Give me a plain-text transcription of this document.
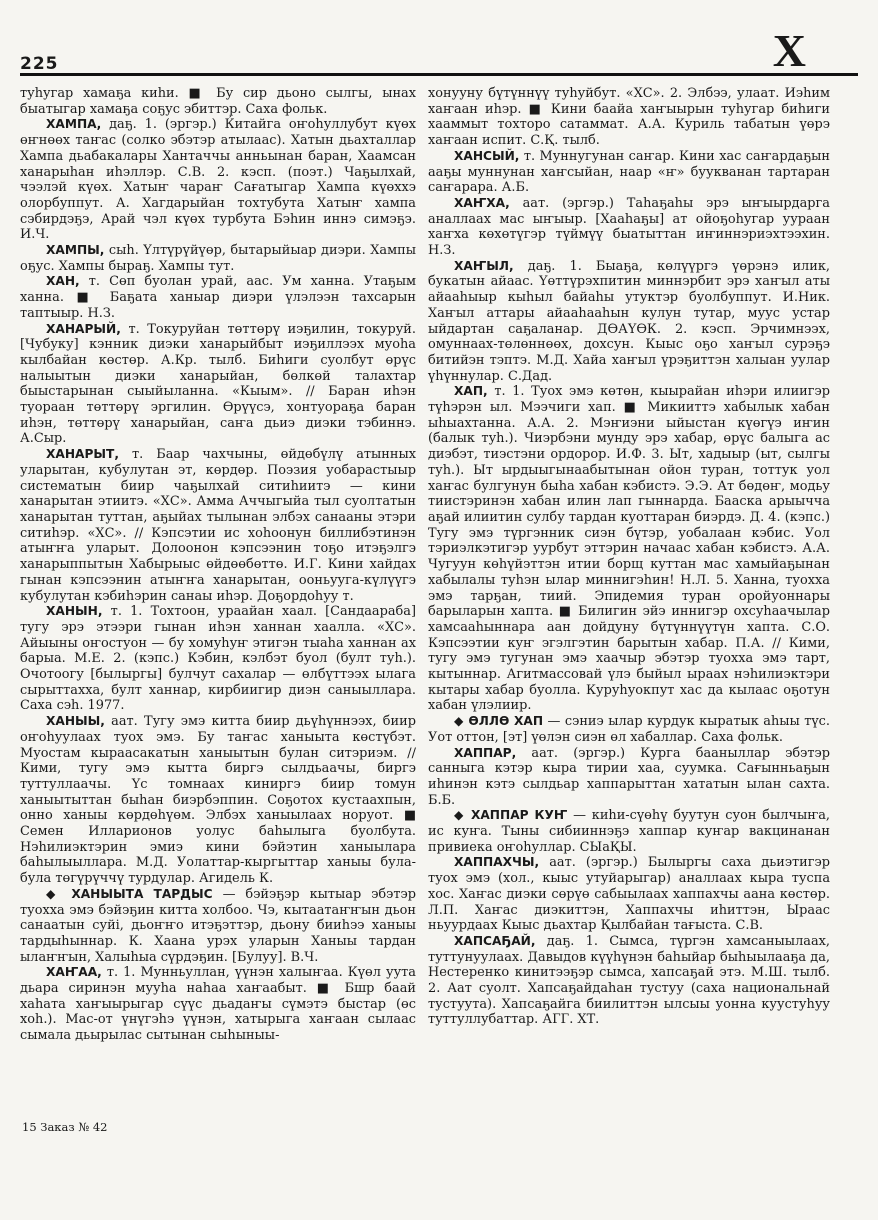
225	Х

туһугар хамаҕа киһи. ■ Бу сир дьоно сылгы, ынах быатыгар хамаҕа соҕус эбиттэр. Саха фольк.

ХАМПА, даҕ. 1. (эргэр.) Ќитайга оҥоһуллубут күөх өҥнөөх таҥас (солко эбэтэр атылаас). Хатын дьахталлар Хампа дьабакалары Хантаччы анньынан баран, Хаамсан ханарыһан иһэллэр. С.В. 2. кэсп. (поэт.) Чаҕылхай, чээлэй күөх. Хатыҥ чараҥ Сағатыгар Хампа күөххэ олорбуппут. А. Хагдарыйан тохтубута Хатыҥ хампа сэбирдэҕэ, Арай чэл күөх турбута Бэһин иннэ симэҕэ. И.Ч.

ХАМПЫ, сыһ. Үлтүрүйүөр, бытарыйыар диэри. Хампы оҕус. Хампы быраҕ. Хампы тут.

ХАН, т. Сөп буолан урай, аас. Ум ханна. Утаҕым ханна. ■ Баҕата ханыар диэри үлэлээн тахсарын таптыыр. Н.З.

ХАНАРЫЙ, т. Токуруйан төттөрү иэҕилин, токуруй. [Чубуку] кэнник диэки ханарыйбыт иэҕиллээх муоһа кылбайан көстөр. А.Кр. тылб. Биһиги суолбут өрүс налыытын диэки ханарыйан, бөлкөй талахтар быыстарынан сыыйыланна. «Кыым». // Баран иһэн туораан төттөрү эргилин. Өрүүсэ, хонтуораҕа баран иһэн, төттөрү ханарыйан, саҥа дьиэ диэки тэбиннэ. А.Сыр.

ХАНАРЫТ, т. Баар чахчыны, өйдөбүлү атынных уларытан, кубулутан эт, көрдөр. Поэзия уобарастыыр систематын биир чаҕылхай ситиһиитэ — кини ханарытан этиитэ. «ХС». Амма Аччыгыйа тыл суолтатын ханарытан туттан, аҕыйах тылынан элбэх санааны этэри ситиһэр. «ХС». // Кэпсэтии ис хоһоонун биллибэтинэн атыҥҥа уларыт. Долоонон кэпсээнин тоҕо итэҕэлгэ ханарыппытын Хабырыыс өйдөөбөттө. И.Г. Кини хайдах гынан кэпсээнин атыҥҥа ханарытан, ооньууга-күлүүгэ кубулутан кэбиһэрин санаы иһэр. Доҕордоһуу т.

ХАНЫН, т. 1. Тохтоон, ураайан хаал. [Сандаараба] тугу эрэ этээри гынан иһэн ханнан хаалла. «ХС». Айыыны оҥостуон — бу хомуһуҥ этигэн тыаһа ханнан ах барыа. М.Е. 2. (кэпс.) Кэбин, кэлбэт буол (булт туһ.). Очотоогу [былыргы] булчут сахалар — өлбүттээх ылага сырыттахха, булт ханнар, кирбиигир диэн саныыллара. Саха сэһ. 1977.

ХАНЫЫ, аат. Тугу эмэ китта биир дьүһүннээх, биир оҥоһуулаах туох эмэ. Бу таҥас ханыыта көстүбэт. Муостам кыраасакатын ханыытын булан ситэриэм. // Кими, тугу эмэ кытта биргэ сылдьаачы, биргэ туттуллаачы. Үс томнаах киниргэ биир томун ханыытыттан быһан биэрбэппин. Соҕотох кустаахпын, онно ханыы көрдөһүөм. Элбэх ханыылаах норуот. ■ Семен Илларионов уолус баһылыга буолбута. Нэһилиэктэрин эмиэ кини бэйэтин ханыылара баһылыыллара. М.Д. Уолаттар-кыргыттар ханыы була-була төгүрүччү турдулар. Агидель К.

◆ ХАНЫЫТА ТАРДЫС — бэйэҕэр кытыар эбэтэр туохха эмэ бэйэҕин китта холбоо. Чэ, кытаатаҥҥын дьон санаатын суйі, дьоҥҥо итэҕэттэр, дьону бииһээ ханыы тардыһыннар. К. Хаана урэх уларын Ханыы тардан ылаҥҥын, Халыһыа сүрдэҕин. [Булуу]. В.Ч.

ХАҤАА, т. 1. Мунньуллан, үүнэн халыҥаа. Күөл уута дьара сиринэн мууһа наһаа хаҥаабыт. ■ Бшр баай хаһата хаҥыырыгар сүүс дьадаҥы сүмэтэ быстар (өс хоһ.). Мас-от үнүгэһэ үүнэн, хатырыга хаҥаан сылаас сымала дьырылас сытынан сыһыныы-

хонууну бүтүннүү туһуйбут. «ХС». 2. Элбээ, улаат. Иэһим хаҥаан иһэр. ■ Кини баайа хаҥыырын туһугар биһиги хааммыт тохторо сатаммат. А.А. Куриль табатын үөрэ хаҥаан испит. С.Қ. тылб.

ХАНСЫЙ, т. Муннугунан саҥар. Кини хас саҥардаҕын ааҕы муннунан хаҥсыйан, наар «ҥ» буукванан тартаран саҥарара. А.Б.

ХАҤХА, аат. (эргэр.) Таһаҕаһы эрэ ыҥыырдарга аналлаах мас ыҥыыр. [Хааһаҕы] ат ойоҕоһугар уураан хаҥха көхөтүгэр түймүү быатыттан иҥиннэриэхтээхин. Н.З.

ХАҤЫЛ, даҕ. 1. Быаҕа, көлүүргэ үөрэнэ илик, букатын айаас. Үөттүрэхпитин миннэрбит эрэ хаҥыл аты айааһыыр кыһыл байаһы утуктэр буолбуппут. И.Ник. Хаҥыл аттары айааһааһын кулун тутар, муус устар ыйдартан саҕаланар. ДӨАҮӨК. 2. кэсп. Эрчимнээх, омуннаах-төлөннөөх, дохсун. Кыыс оҕо хаҥыл сурэҕэ битийэн тэптэ. М.Д. Хайа хаҥыл үрэҕиттэн халыан уулар үһүннулар. С.Дад.

ХАП, т. 1. Туох эмэ көтөн, кыырайан иһэри илиигэр түһэрэн ыл. Мээчиги хап. ■ Микииттэ хабылык хабан ыһыахтанна. А.А. 2. Мэҥиэни ыйыстан күөгүэ иҥин (балык туһ.). Чиэрбэни мунду эрэ хабар, өрүс балыга ас диэбэт, тиэстэни ордорор. И.Ф. 3. Ыт, хадыыр (ыт, сылгы туһ.). Ыт ырдыыгынаабытынан ойон туран, тоттук уол хаҥас булгунун быһа хабан кэбистэ. Э.Э. Ат бөдөҥ, модьу тиистэринэн хабан илин лап гыннарда. Бааска арыычча аҕай илиитин сулбу тардан куоттаран биэрдэ. Д. 4. (кэпс.) Тугу эмэ түргэнник сиэн бүтэр, уобалаан кэбис. Уол тэриэлкэтигэр уурбут эттэрин начаас хабан кэбистэ. А.А. Чугуун көһүйэттэн итии борщ куттан мас хамыйаҕынан хабылалы туһэн ылар миннигэһин! Н.Л. 5. Ханна, туохха эмэ тарҕан, тиий. Эпидемия туран оройуоннары барыларын хапта. ■ Билигин эйэ иннигэр охсуһаачылар хамсааһыннара аан дойдуну бүтүннүүтүн хапта. С.О. Кэпсээтии куҥ эгэлгэтин барытын хабар. П.А. // Кими, тугу эмэ тугунан эмэ хаачыр эбэтэр туохха эмэ тарт, кытыннар. Агитмассовай үлэ быйыл ыраах нэһилиэктэри кытары хабар буолла. Куруһуокпут хас да кылаас оҕотун хабан үлэлиир.

◆ ӨЛЛӨ ХАП — сэниэ ылар курдук кыратык аһыы түс. Уот оттон, [эт] үөлэн сиэн өл хабаллар. Саха фольк.

ХАППАР, аат. (эргэр.) Кургa бааныллар эбэтэр санныга кэтэр кыра тирии хаа, суумка. Сағынньаҕын иһинэн кэтэ сылдьар хаппарыттан хататын ылан сахта. Б.Б.

◆ ХАППАР КУҤ — киһи-сүөһү буутун суон былчыҥа, ис куҥа. Тыны сибииннэҕэ хаппар куҥар вакцинанан привиека оҥоһуллар. СЫаҚЫ.

ХАППАХЧЫ, аат. (эргэр.) Былыргы саха дьиэтигэр туох эмэ (хол., кыыс утуйарыгар) аналлаах кыра туспа хос. Хаҥас диэки сөрүө сабыылаах хаппахчы аана көстөр. Л.П. Хаҥас диэкиттэн, Хаппахчы иһиттэн, Ыраас ньуурдаах Кыыс дьахтар Қылбайан тағыста. С.В.

ХАПСАҔАЙ, даҕ. 1. Сымса, түргэн хамсаныылаах, туттунуулаах. Давыдов күүһүнэн баһыйар быһыылааҕа да, Нестеренко кинитээҕэр сымса, хапсаҕай этэ. М.Ш. тылб. 2. Аат суолт. Хапсаҕайдаһан тустуу (саха национальнай тустуута). Хапсаҕайга биилиттэн ылсыы уонна куустуһуу туттуллубаттар. АГГ. ХТ.

15 Заказ № 42
